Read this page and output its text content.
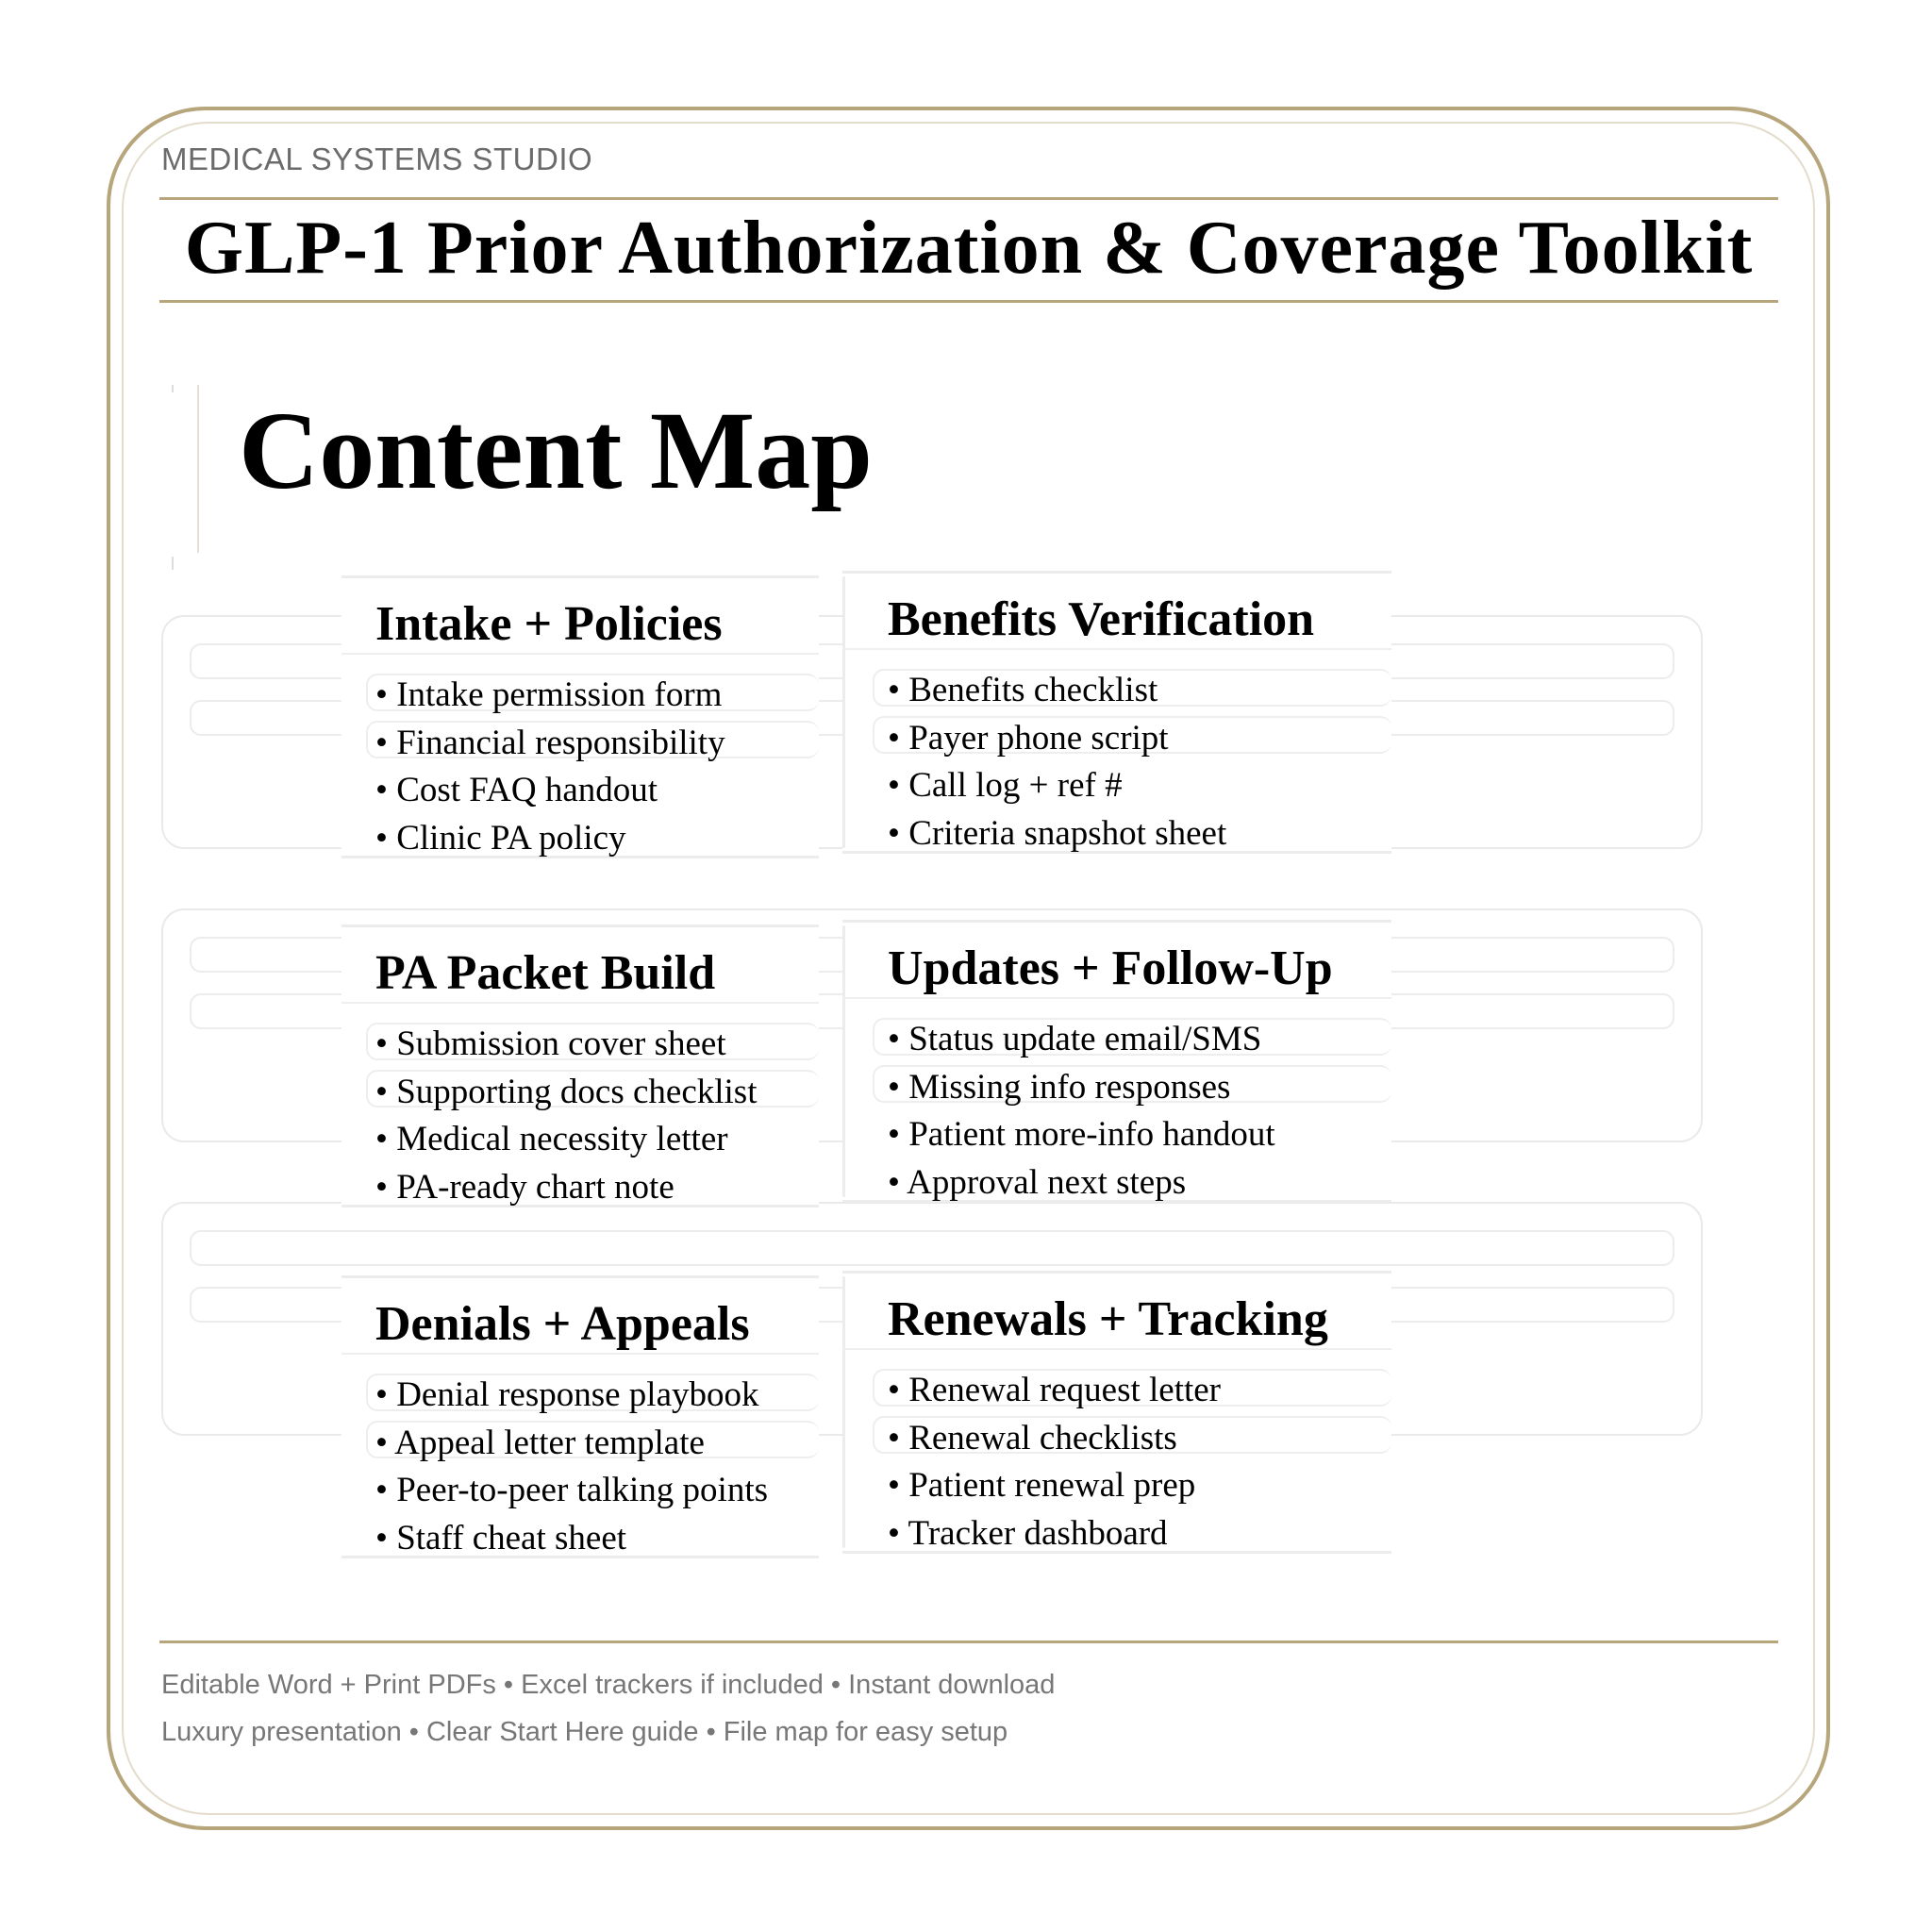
MEDICAL SYSTEMS STUDIO
GLP-1 Prior Authorization & Coverage Toolkit
Content Map
Intake + Policies
• Intake permission form
• Financial responsibility
• Cost FAQ handout
• Clinic PA policy
Benefits Verification
• Benefits checklist
• Payer phone script
• Call log + ref #
• Criteria snapshot sheet
PA Packet Build
• Submission cover sheet
• Supporting docs checklist
• Medical necessity letter
• PA-ready chart note
Updates + Follow-Up
• Status update email/SMS
• Missing info responses
• Patient more-info handout
• Approval next steps
Denials + Appeals
• Denial response playbook
• Appeal letter template
• Peer-to-peer talking points
• Staff cheat sheet
Renewals + Tracking
• Renewal request letter
• Renewal checklists
• Patient renewal prep
• Tracker dashboard
Editable Word + Print PDFs • Excel trackers if included • Instant download
Luxury presentation • Clear Start Here guide • File map for easy setup
